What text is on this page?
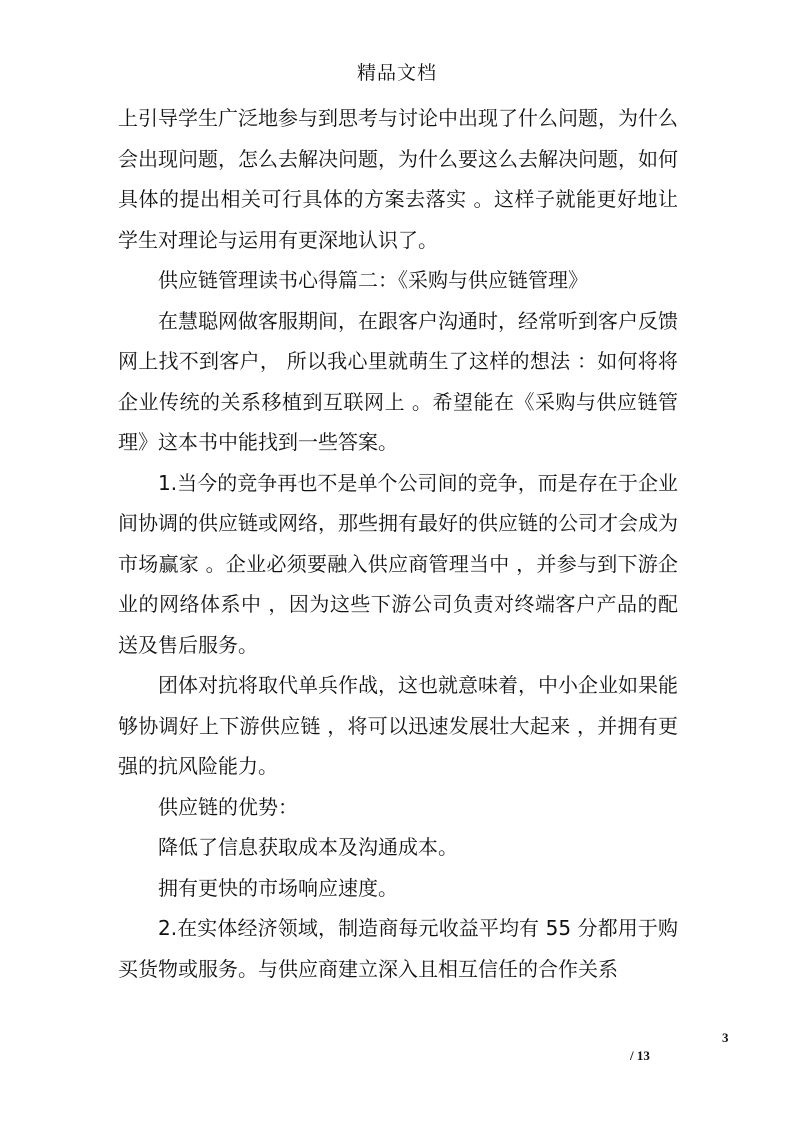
精品文档

上引导学生广泛地参与到思考与讨论中出现了什么问题，为什么会出现问题，怎么去解决问题，为什么要这么去解决问题，如何具体的提出相关可行具体的方案去落实 。这样子就能更好地让学生对理论与运用有更深地认识了。

供应链管理读书心得篇二：《采购与供应链管理》

在慧聪网做客服期间，在跟客户沟通时，经常听到客户反馈网上找不到客户， 所以我心里就萌生了这样的想法 ：如何将将企业传统的关系移植到互联网上 。希望能在《采购与供应链管理》这本书中能找到一些答案。

1.当今的竞争再也不是单个公司间的竞争，而是存在于企业间协调的供应链或网络，那些拥有最好的供应链的公司才会成为市场赢家 。企业必须要融入供应商管理当中 ，并参与到下游企业的网络体系中 ，因为这些下游公司负责对终端客户产品的配送及售后服务。

团体对抗将取代单兵作战，这也就意味着，中小企业如果能够协调好上下游供应链 ，将可以迅速发展壮大起来 ，并拥有更强的抗风险能力。

供应链的优势：

降低了信息获取成本及沟通成本。

拥有更快的市场响应速度。

2.在实体经济领域，制造商每元收益平均有 55 分都用于购买货物或服务。与供应商建立深入且相互信任的合作关系

3
/ 13
